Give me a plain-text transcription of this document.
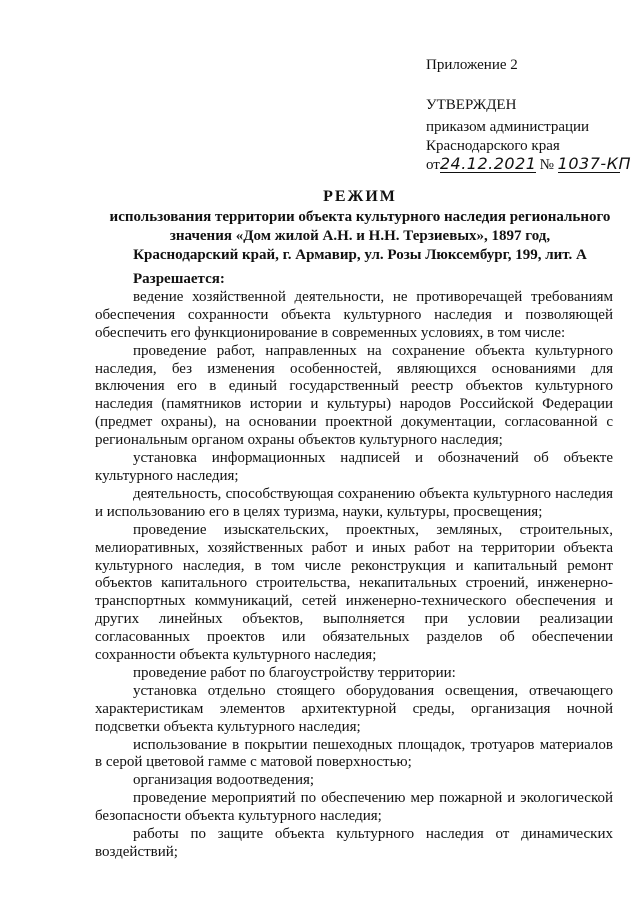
Приложение 2
УТВЕРЖДЕН
приказом администрации
Краснодарского края
от24.12.2021 № 1037-КП
РЕЖИМ
использования территории объекта культурного наследия регионального
значения «Дом жилой А.Н. и Н.Н. Терзиевых», 1897 год,
Краснодарский край, г. Армавир, ул. Розы Люксембург, 199, лит. А

Разрешается:

ведение хозяйственной деятельности, не противоречащей требованиям обеспечения сохранности объекта культурного наследия и позволяющей обеспечить его функционирование в современных условиях, в том числе:

проведение работ, направленных на сохранение объекта культурного наследия, без изменения особенностей, являющихся основаниями для включения его в единый государственный реестр объектов культурного наследия (памятников истории и культуры) народов Российской Федерации (предмет охраны), на основании проектной документации, согласованной с региональным органом охраны объектов культурного наследия;

установка информационных надписей и обозначений об объекте культурного наследия;

деятельность, способствующая сохранению объекта культурного наследия и использованию его в целях туризма, науки, культуры, просвещения;

проведение изыскательских, проектных, земляных, строительных, мелиоративных, хозяйственных работ и иных работ на территории объекта культурного наследия, в том числе реконструкция и капитальный ремонт объектов капитального строительства, некапитальных строений, инженерно-транспортных коммуникаций, сетей инженерно-технического обеспечения и других линейных объектов, выполняется при условии реализации согласованных проектов или обязательных разделов об обеспечении сохранности объекта культурного наследия;

проведение работ по благоустройству территории:

установка отдельно стоящего оборудования освещения, отвечающего характеристикам элементов архитектурной среды, организация ночной подсветки объекта культурного наследия;

использование в покрытии пешеходных площадок, тротуаров материалов в серой цветовой гамме с матовой поверхностью;

организация водоотведения;

проведение мероприятий по обеспечению мер пожарной и экологической безопасности объекта культурного наследия;

работы по защите объекта культурного наследия от динамических воздействий;
